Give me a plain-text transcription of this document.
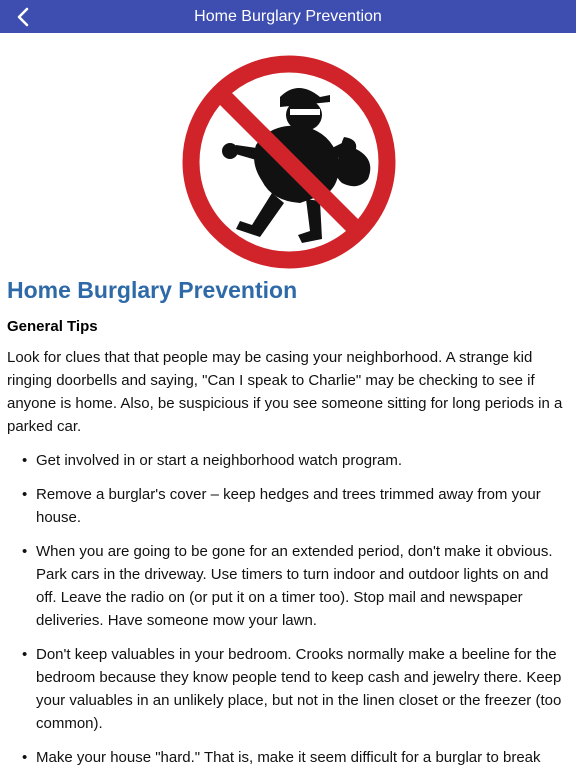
Home Burglary Prevention
Home Burglary Prevention
General Tips

Look for clues that that people may be casing your neighborhood. A strange kid ringing doorbells and saying, "Can I speak to Charlie" may be checking to see if anyone is home. Also, be suspicious if you see someone sitting for long periods in a parked car.

• Get involved in or start a neighborhood watch program.
• Remove a burglar's cover – keep hedges and trees trimmed away from your house.
• When you are going to be gone for an extended period, don't make it obvious. Park cars in the driveway. Use timers to turn indoor and outdoor lights on and off. Leave the radio on (or put it on a timer too). Stop mail and newspaper deliveries. Have someone mow your lawn.
• Don't keep valuables in your bedroom. Crooks normally make a beeline for the bedroom because they know people tend to keep cash and jewelry there. Keep your valuables in an unlikely place, but not in the linen closet or the freezer (too common).
• Make your house "hard." That is, make it seem difficult for a burglar to break
